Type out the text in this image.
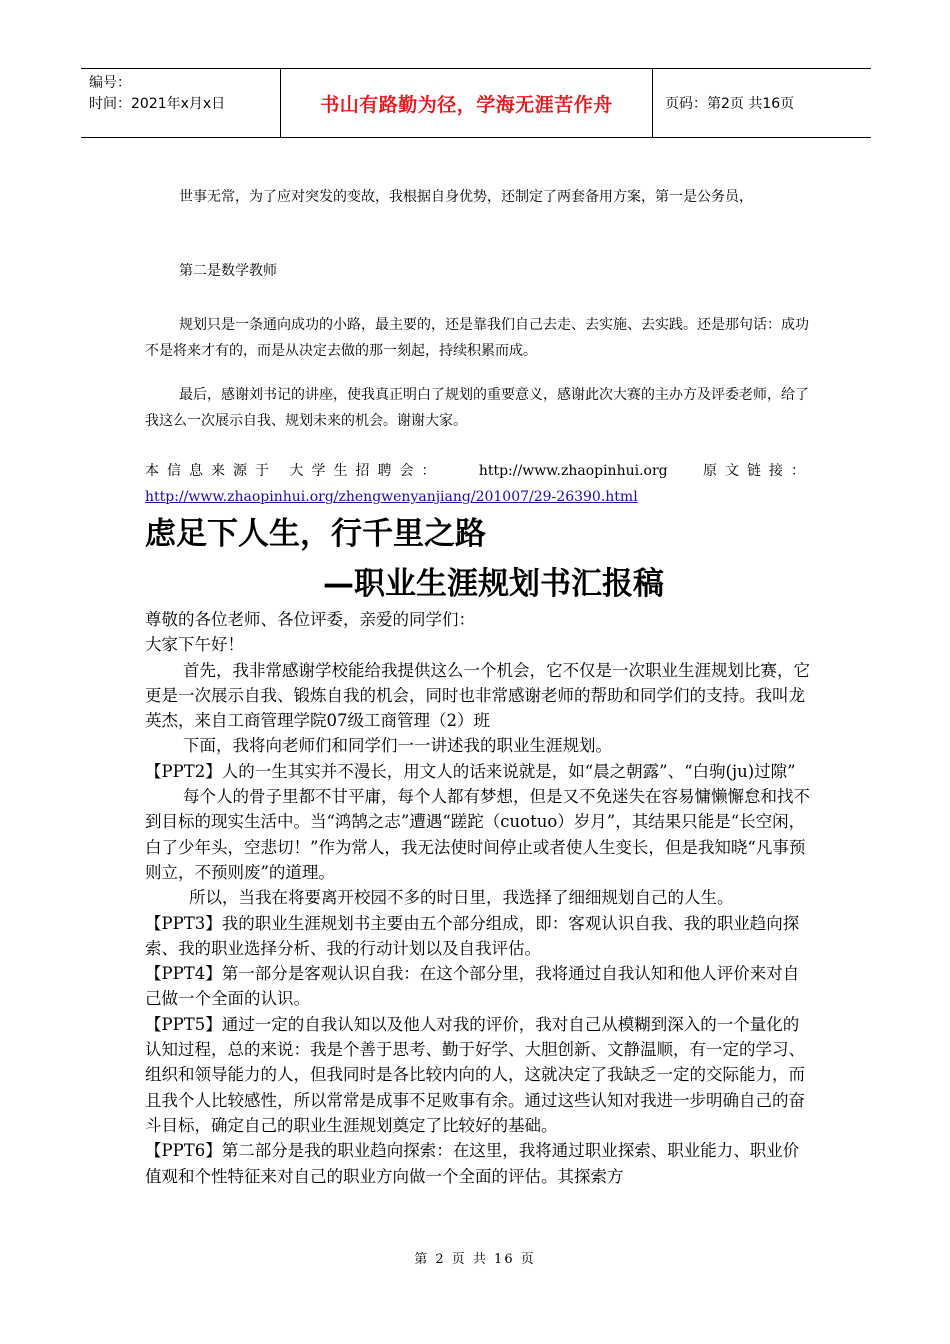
编号：
时间：2021年x月x日	书山有路勤为径，学海无涯苦作舟	页码：第2页 共16页
世事无常，为了应对突发的变故，我根据自身优势，还制定了两套备用方案，第一是公务员，
第二是数学教师
规划只是一条通向成功的小路，最主要的，还是靠我们自己去走、去实施、去实践。还是那句话：成功不是将来才有的，而是从决定去做的那一刻起，持续积累而成。
最后，感谢刘书记的讲座，使我真正明白了规划的重要意义，感谢此次大赛的主办方及评委老师，给了我这么一次展示自我、规划未来的机会。谢谢大家。
本信息来源于 大学生招聘会：	http://www.zhaopinhui.org	原文链接：
http://www.zhaopinhui.org/zhengwenyanjiang/201007/29-26390.html
虑足下人生，行千里之路
—职业生涯规划书汇报稿

尊敬的各位老师、各位评委，亲爱的同学们：

大家下午好！

首先，我非常感谢学校能给我提供这么一个机会，它不仅是一次职业生涯规划比赛，它更是一次展示自我、锻炼自我的机会，同时也非常感谢老师的帮助和同学们的支持。我叫龙英杰，来自工商管理学院07级工商管理（2）班

下面，我将向老师们和同学们一一讲述我的职业生涯规划。

【PPT2】人的一生其实并不漫长，用文人的话来说就是，如“晨之朝露”、“白驹(ju)过隙”

每个人的骨子里都不甘平庸，每个人都有梦想，但是又不免迷失在容易慵懒懈怠和找不到目标的现实生活中。当“鸿鹄之志”遭遇“蹉跎（cuotuo）岁月”，其结果只能是“长空闲，白了少年头，空悲切！”作为常人，我无法使时间停止或者使人生变长，但是我知晓“凡事预则立，不预则废”的道理。

所以，当我在将要离开校园不多的时日里，我选择了细细规划自己的人生。

【PPT3】我的职业生涯规划书主要由五个部分组成，即：客观认识自我、我的职业趋向探索、我的职业选择分析、我的行动计划以及自我评估。

【PPT4】第一部分是客观认识自我：在这个部分里，我将通过自我认知和他人评价来对自己做一个全面的认识。

【PPT5】通过一定的自我认知以及他人对我的评价，我对自己从模糊到深入的一个量化的认知过程，总的来说：我是个善于思考、勤于好学、大胆创新、文静温顺，有一定的学习、组织和领导能力的人，但我同时是各比较内向的人，这就决定了我缺乏一定的交际能力，而且我个人比较感性，所以常常是成事不足败事有余。通过这些认知对我进一步明确自己的奋斗目标，确定自己的职业生涯规划奠定了比较好的基础。

【PPT6】第二部分是我的职业趋向探索：在这里，我将通过职业探索、职业能力、职业价值观和个性特征来对自己的职业方向做一个全面的评估。其探索方

第 2 页 共 16 页
